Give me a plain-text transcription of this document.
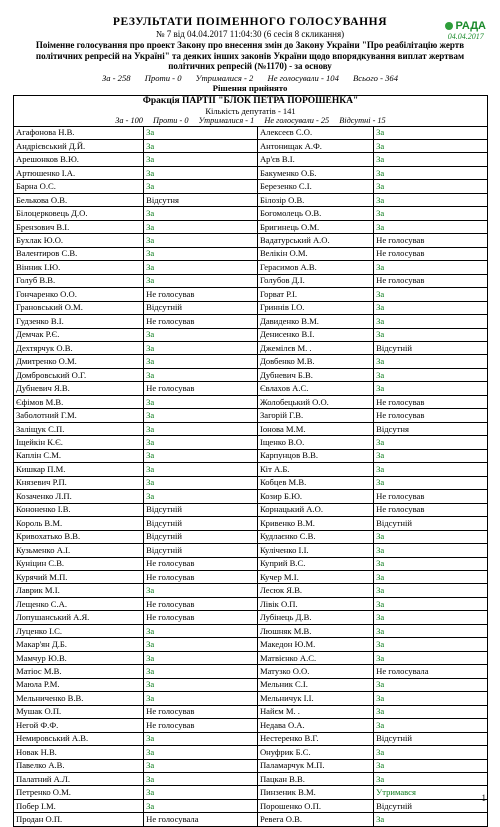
РАДА
04.04.2017
РЕЗУЛЬТАТИ ПОІМЕННОГО ГОЛОСУВАННЯ
№ 7 від 04.04.2017 11:04:30 (6 сесія 8 скликання)
Поіменне голосування про проект Закону про внесення змін до Закону України "Про реабілітацію жертв політичних репресій на Україні" та деяких інших законів України щодо впорядкування виплат жертвам політичних репресій (№1170) - за основу
За - 258 Проти - 0 Утрималися - 2 Не голосували - 104 Всього - 364
Рішення прийнято
Фракція ПАРТІЇ "БЛОК ПЕТРА ПОРОШЕНКА"
Кількість депутатів - 141
За - 100 Проти - 0 Утрималися - 1 Не голосували - 25 Відсутні - 15
Агафонова Н.В.	За	Алексеєв С.О.	За
Андрієвський Д.Й.	За	Антонищак А.Ф.	За
Арешонков В.Ю.	За	Ар'єв В.І.	За
Артюшенко І.А.	За	Бакуменко О.Б.	За
Барна О.С.	За	Березенко С.І.	За
Белькова О.В.	Відсутня	Білозір О.В.	За
Білоцерковець Д.О.	За	Богомолець О.В.	За
Брензович В.І.	За	Бригинець О.М.	За
Бухлак Ю.О.	За	Вадатурський А.О.	Не голосував
Валентиров С.В.	За	Велікін О.М.	Не голосував
Вінник І.Ю.	За	Герасимов А.В.	За
Голуб В.В.	За	Голубов Д.І.	Не голосував
Гончаренко О.О.	Не голосував	Горват Р.І.	За
Грановський О.М.	Відсутній	Гриннів І.О.	За
Гудзенко В.І.	Не голосував	Давиденко В.М.	За
Демчак Р.Є.	За	Денисенко В.І.	За
Дехтярчук О.В.	За	Джемілєв М. .	Відсутній
Дмитренко О.М.	За	Довбенко М.В.	За
Домбровський О.Г.	За	Дубневич Б.В.	За
Дубневич Я.В.	Не голосував	Євлахов А.С.	За
Єфімов М.В.	За	Жолобецький О.О.	Не голосував
Заболотний Г.М.	За	Загорій Г.В.	Не голосував
Заліщук С.П.	За	Іонова М.М.	Відсутня
Іщейкін К.Є.	За	Іщенко В.О.	За
Каплін С.М.	За	Карпунцов В.В.	За
Кишкар П.М.	За	Кіт А.Б.	За
Князевич Р.П.	За	Кобцев М.В.	За
Козаченко Л.П.	За	Козир Б.Ю.	Не голосував
Кононенко І.В.	Відсутній	Корнацький А.О.	Не голосував
Король В.М.	Відсутній	Кривенко В.М.	Відсутній
Кривохатько В.В.	Відсутній	Кудлаєнко С.В.	За
Кузьменко А.І.	Відсутній	Куліченко І.І.	За
Куніцин С.В.	Не голосував	Куприй В.С.	За
Курячий М.П.	Не голосував	Кучер М.І.	За
Лаврик М.І.	За	Лесюк Я.В.	За
Лещенко С.А.	Не голосував	Лівік О.П.	За
Лопушанський А.Я.	Не голосував	Лубінець Д.В.	За
Луценко І.С.	За	Люшняк М.В.	За
Макар'ян Д.Б.	За	Македон Ю.М.	За
Мамчур Ю.В.	За	Матвієнко А.С.	За
Матіос М.В.	За	Матузко О.О.	Не голосувала
Маюла Р.М.	За	Мельник С.І.	За
Мельниченко В.В.	За	Мельничук І.І.	За
Мушак О.П.	Не голосував	Найєм М. .	За
Негой Ф.Ф.	Не голосував	Недава О.А.	За
Немировський А.В.	За	Нестеренко В.Г.	Відсутній
Новак Н.В.	За	Онуфрик Б.С.	За
Павелко А.В.	За	Паламарчук М.П.	За
Палатний А.Л.	За	Пацкан В.В.	За
Петренко О.М.	За	Пинзеник В.М.	Утримався
Побер І.М.	За	Порошенко О.П.	Відсутній
Продан О.П.	Не голосувала	Ревега О.В.	За
1
